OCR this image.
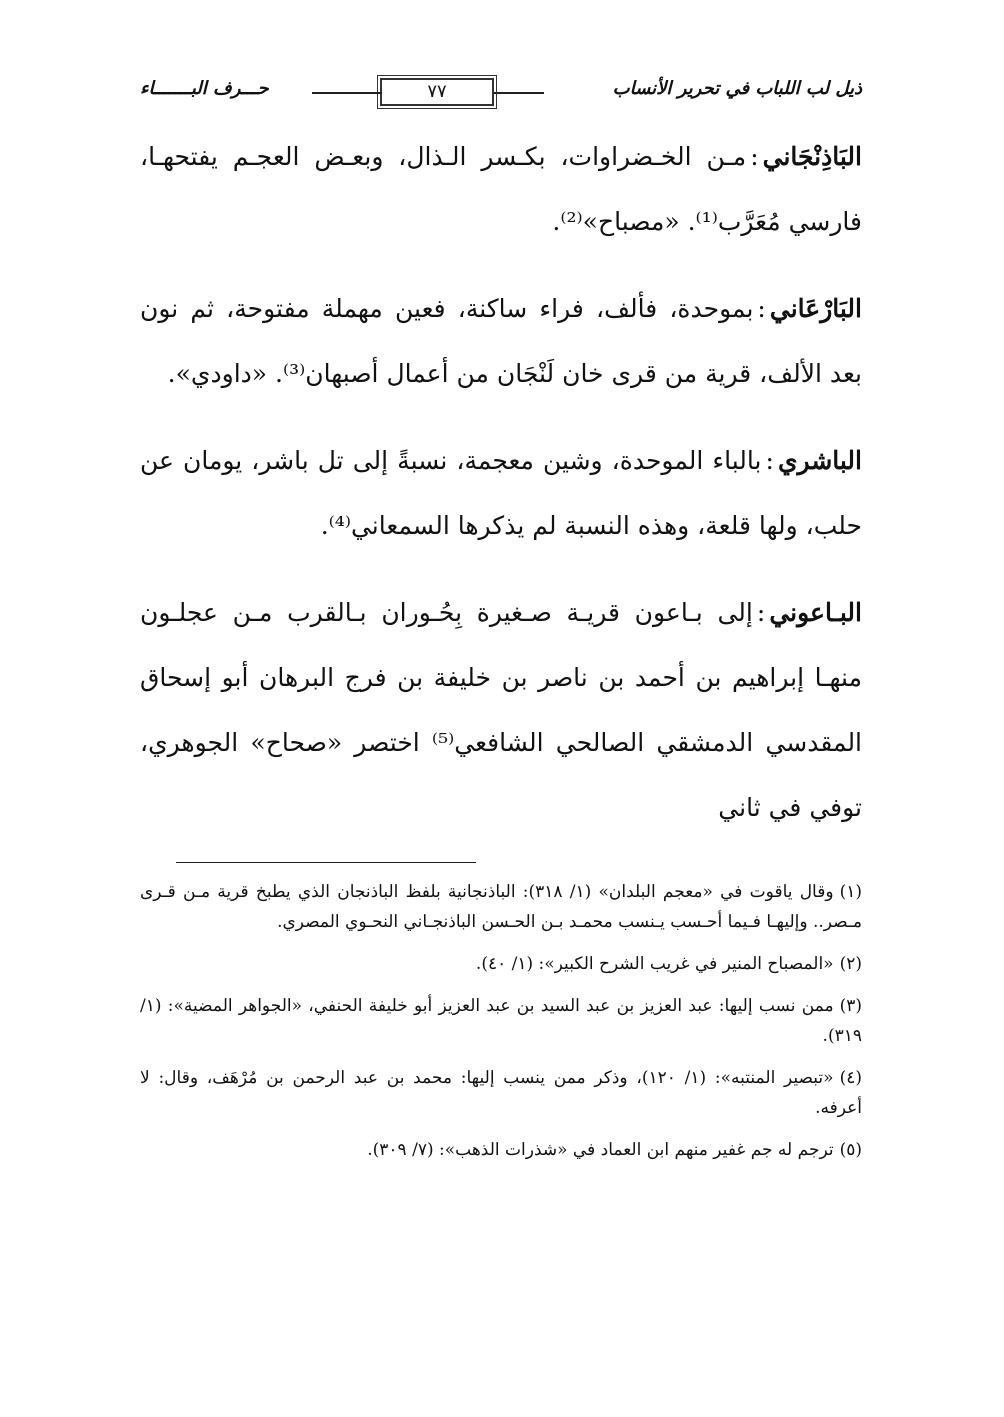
ذيل لب اللباب في تحرير الأنساب
٧٧
حـــرف البـــــــاء

البَاذِنْجَاني:مـن الخـضراوات، بكـسر الـذال، وبعـض العجـم يفتحهـا، فارسي مُعَرَّب⁽¹⁾. «مصباح»⁽²⁾.

البَارْعَاني:بموحدة، فألف، فراء ساكنة، فعين مهملة مفتوحة، ثم نون بعد الألف، قرية من قرى خان لَنْجَان من أعمال أصبهان⁽³⁾. «داودي».

الباشري:بالباء الموحدة، وشين معجمة، نسبةً إلى تل باشر، يومان عن حلب، ولها قلعة، وهذه النسبة لم يذكرها السمعاني⁽⁴⁾.

البـاعوني:إلى بـاعون قريـة صـغيرة بِحُـوران بـالقرب مـن عجلـون منهـا إبراهيم بن أحمد بن ناصر بن خليفة بن فرج البرهان أبو إسحاق المقدسي الدمشقي الصالحي الشافعي⁽⁵⁾ اختصر «صحاح» الجوهري، توفي في ثاني

(١)وقال ياقوت في «معجم البلدان» (١/ ٣١٨): الباذنجانية بلفظ الباذنجان الذي يطبخ قرية مـن قـرى مـصر.. وإليهـا فـيما أحـسب يـنسب محمـد بـن الحـسن الباذنجـاني النحـوي المصري.
(٢)«المصباح المنير في غريب الشرح الكبير»: (١/ ٤٠).
(٣)ممن نسب إليها: عبد العزيز بن عبد السيد بن عبد العزيز أبو خليفة الحنفي، «الجواهر المضية»: (١/ ٣١٩).
(٤)«تبصير المنتبه»: (١/ ١٢٠)، وذكر ممن ينسب إليها: محمد بن عبد الرحمن بن مُرْهَف، وقال: لا أعرفه.
(٥)ترجم له جم غفير منهم ابن العماد في «شذرات الذهب»: (٧/ ٣٠٩).
